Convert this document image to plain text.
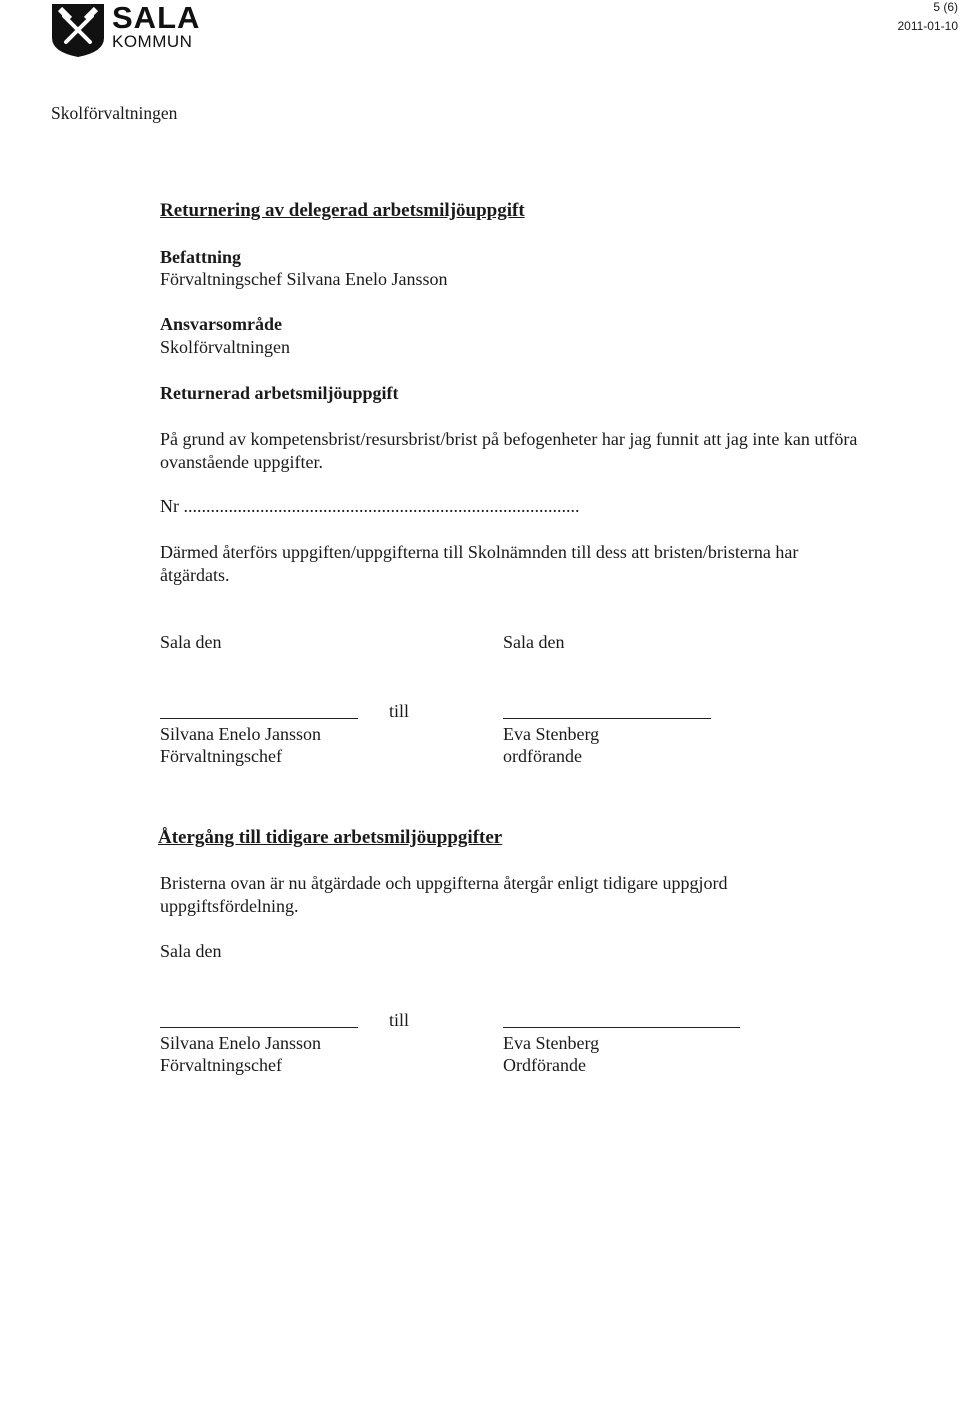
SALA
KOMMUN
5 (6)
2011-01-10
Skolförvaltningen
Returnering av delegerad arbetsmiljöuppgift
Befattning
Förvaltningschef Silvana Enelo Jansson
Ansvarsområde
Skolförvaltningen
Returnerad arbetsmiljöuppgift
På grund av kompetensbrist/resursbrist/brist på befogenheter har jag funnit att jag inte kan utföra ovanstående uppgifter.
Nr ........................................................................................
Därmed återförs uppgiften/uppgifterna till Skolnämnden till dess att bristen/bristerna har åtgärdats.
Sala den	Sala den
till
Silvana Enelo Jansson
Förvaltningschef
Eva Stenberg
ordförande
Återgång till tidigare arbetsmiljöuppgifter
Bristerna ovan är nu åtgärdade och uppgifterna återgår enligt tidigare uppgjord uppgiftsfördelning.
Sala den
till
Silvana Enelo Jansson
Förvaltningschef
Eva Stenberg
Ordförande
